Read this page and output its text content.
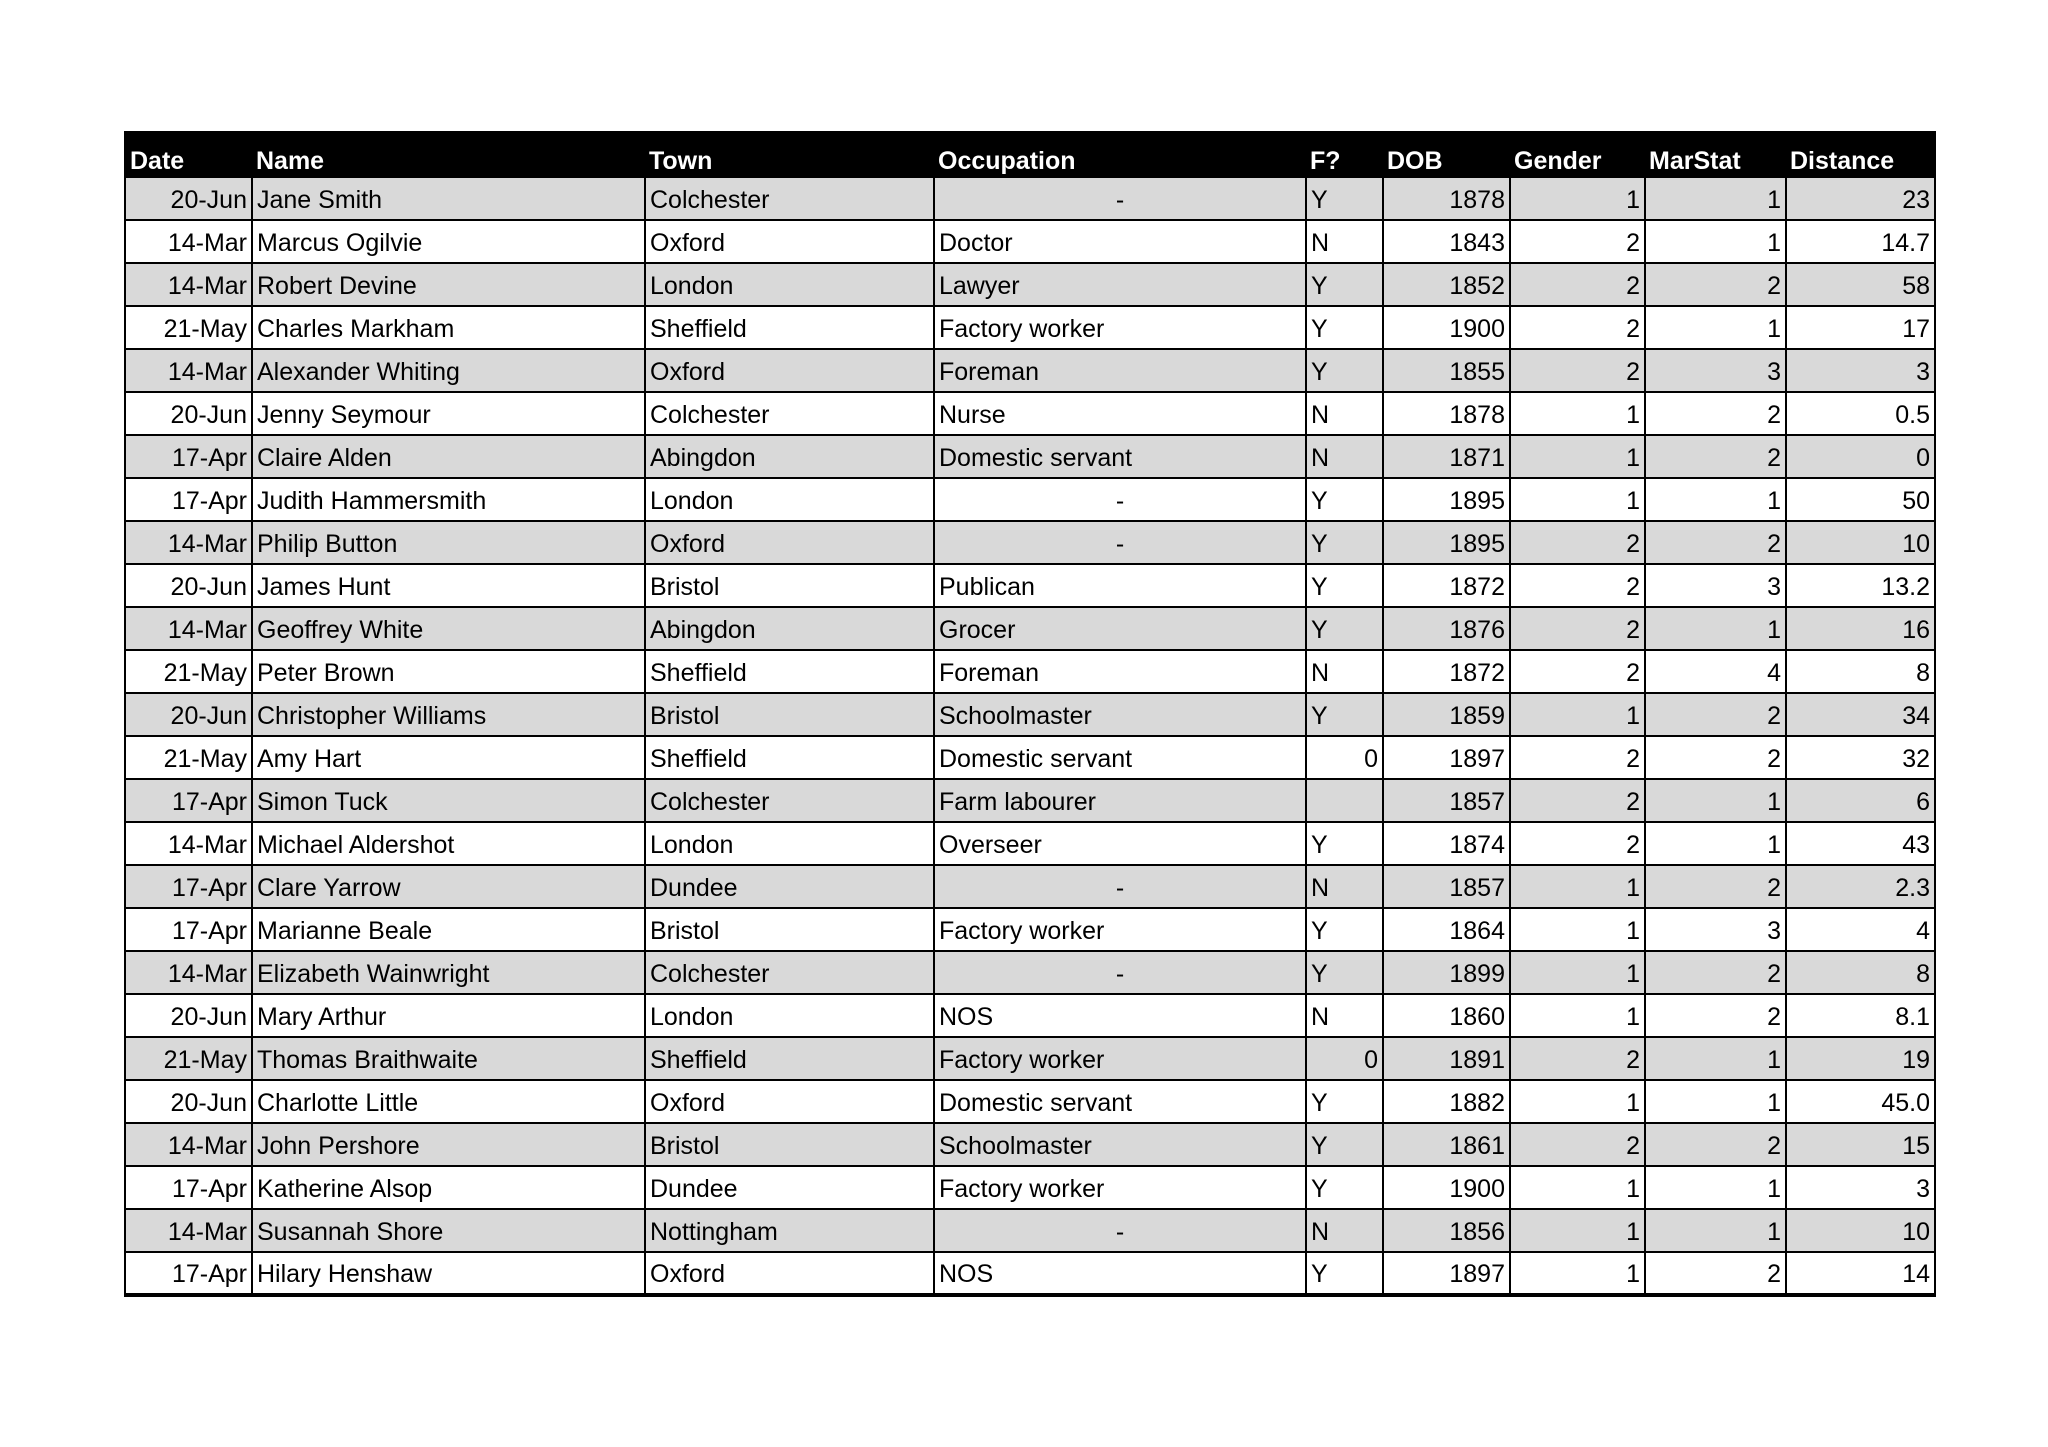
Date	Name	Town	Occupation	F?	DOB	Gender	MarStat	Distance
20-Jun	Jane Smith	Colchester	-	Y	1878	1	1	23
14-Mar	Marcus Ogilvie	Oxford	Doctor	N	1843	2	1	14.7
14-Mar	Robert Devine	London	Lawyer	Y	1852	2	2	58
21-May	Charles Markham	Sheffield	Factory worker	Y	1900	2	1	17
14-Mar	Alexander Whiting	Oxford	Foreman	Y	1855	2	3	3
20-Jun	Jenny Seymour	Colchester	Nurse	N	1878	1	2	0.5
17-Apr	Claire Alden	Abingdon	Domestic servant	N	1871	1	2	0
17-Apr	Judith Hammersmith	London	-	Y	1895	1	1	50
14-Mar	Philip Button	Oxford	-	Y	1895	2	2	10
20-Jun	James Hunt	Bristol	Publican	Y	1872	2	3	13.2
14-Mar	Geoffrey White	Abingdon	Grocer	Y	1876	2	1	16
21-May	Peter Brown	Sheffield	Foreman	N	1872	2	4	8
20-Jun	Christopher Williams	Bristol	Schoolmaster	Y	1859	1	2	34
21-May	Amy Hart	Sheffield	Domestic servant	0	1897	2	2	32
17-Apr	Simon Tuck	Colchester	Farm labourer		1857	2	1	6
14-Mar	Michael Aldershot	London	Overseer	Y	1874	2	1	43
17-Apr	Clare Yarrow	Dundee	-	N	1857	1	2	2.3
17-Apr	Marianne Beale	Bristol	Factory worker	Y	1864	1	3	4
14-Mar	Elizabeth Wainwright	Colchester	-	Y	1899	1	2	8
20-Jun	Mary Arthur	London	NOS	N	1860	1	2	8.1
21-May	Thomas Braithwaite	Sheffield	Factory worker	0	1891	2	1	19
20-Jun	Charlotte Little	Oxford	Domestic servant	Y	1882	1	1	45.0
14-Mar	John Pershore	Bristol	Schoolmaster	Y	1861	2	2	15
17-Apr	Katherine Alsop	Dundee	Factory worker	Y	1900	1	1	3
14-Mar	Susannah Shore	Nottingham	-	N	1856	1	1	10
17-Apr	Hilary Henshaw	Oxford	NOS	Y	1897	1	2	14
